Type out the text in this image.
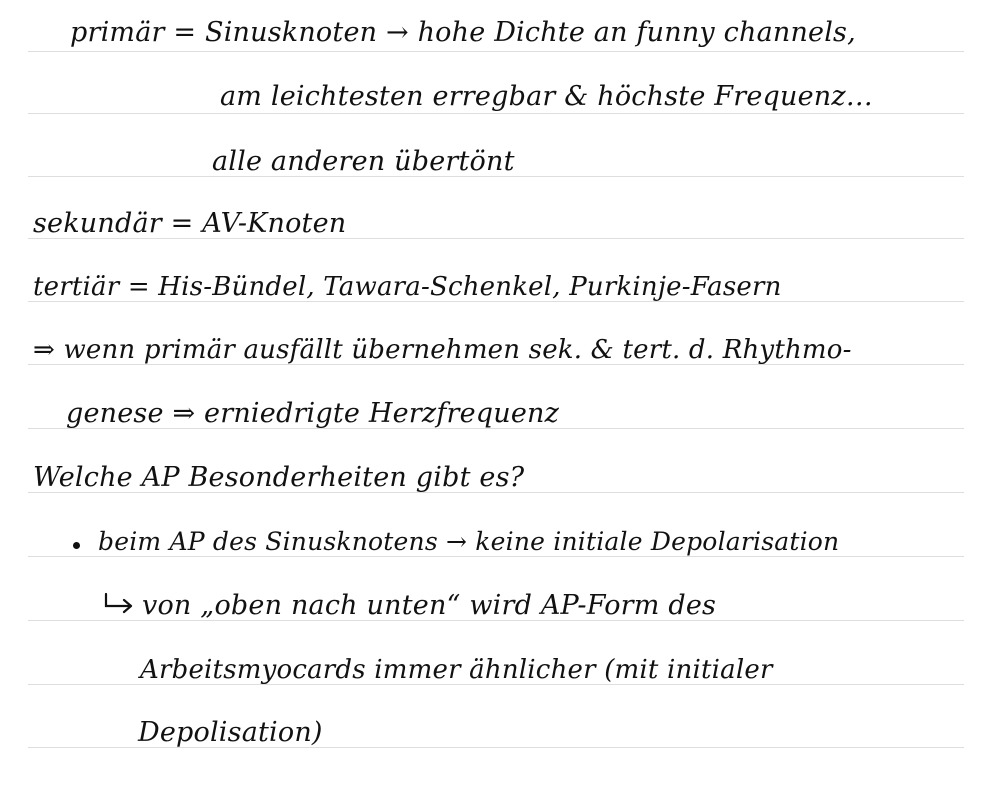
primär = Sinusknoten → hohe Dichte an funny channels,
am leichtesten erregbar & höchste Frequenz…
alle anderen übertönt
sekundär = AV-Knoten
tertiär = His-Bündel, Tawara-Schenkel, Purkinje-Fasern
⇒ wenn primär ausfällt übernehmen sek. & tert. d. Rhythmo-
genese ⇒ erniedrigte Herzfrequenz
Welche AP Besonderheiten gibt es?
beim AP des Sinusknotens → keine initiale Depolarisation
von „oben nach unten“ wird AP-Form des
Arbeitsmyocards immer ähnlicher (mit initialer
Depolisation)
